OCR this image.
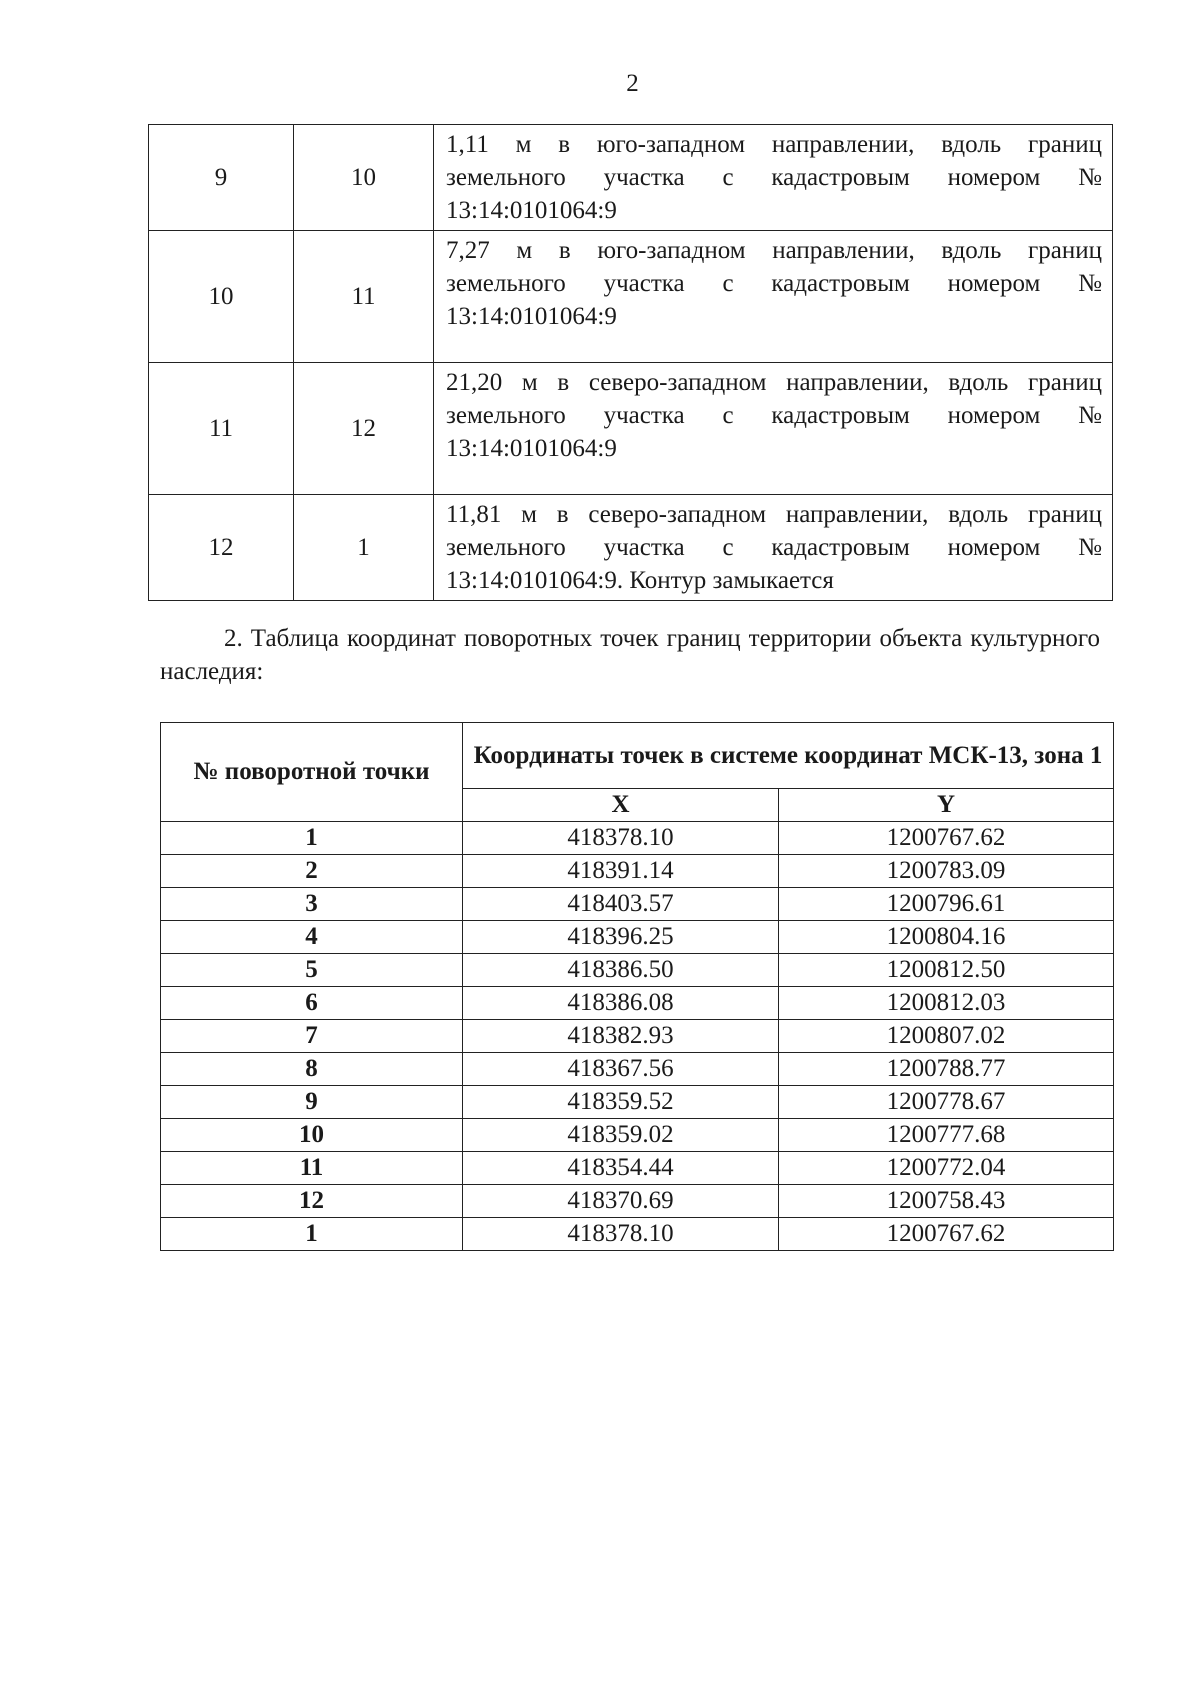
2
9	10	1,11 м в юго-западном направлении, вдоль границ земельного участка с кадастровым номером № 13:14:0101064:9
10	11	7,27 м в юго-западном направлении, вдоль границ земельного участка с кадастровым номером № 13:14:0101064:9
11	12	21,20 м в северо-западном направлении, вдоль границ земельного участка с кадастровым номером № 13:14:0101064:9
12	1	11,81 м в северо-западном направлении, вдоль границ земельного участка с кадастровым номером № 13:14:0101064:9. Контур замыкается

2. Таблица координат поворотных точек границ территории объекта культурного наследия:

№ поворотной точки	Координаты точек в системе координат МСК-13, зона 1	
	X	Y
1	418378.10	1200767.62
2	418391.14	1200783.09
3	418403.57	1200796.61
4	418396.25	1200804.16
5	418386.50	1200812.50
6	418386.08	1200812.03
7	418382.93	1200807.02
8	418367.56	1200788.77
9	418359.52	1200778.67
10	418359.02	1200777.68
11	418354.44	1200772.04
12	418370.69	1200758.43
1	418378.10	1200767.62
